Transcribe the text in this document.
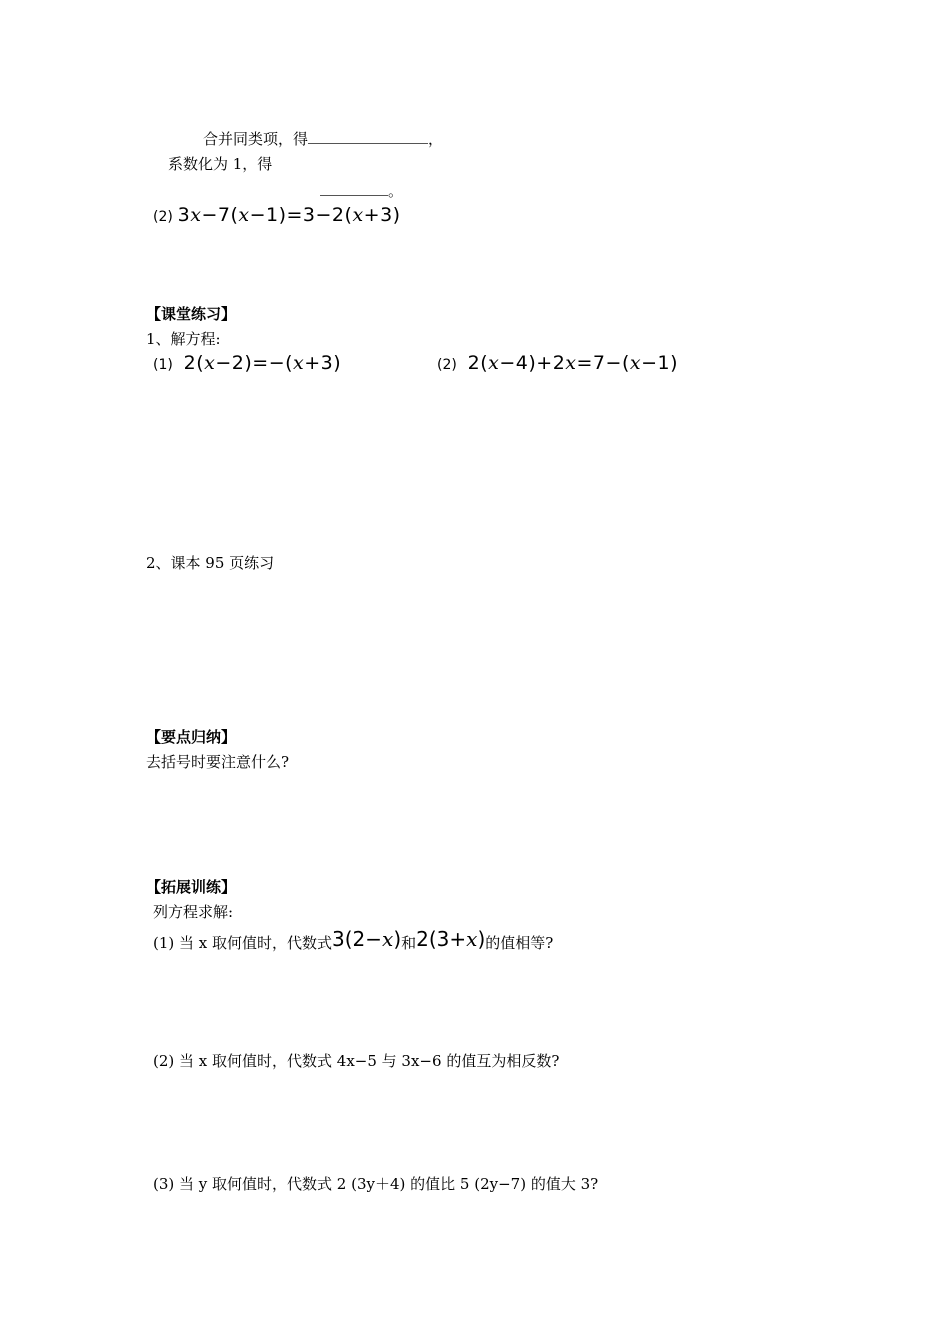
合并同类项，得	，
系数化为 1，得
。
(2) 3x−7(x−1)=3−2(x+3)
【课堂练习】
1、解方程:
(1) 2(x−2)=−(x+3)	(2) 2(x−4)+2x=7−(x−1)
2、课本 95 页练习
【要点归纳】
去括号时要注意什么?
【拓展训练】
列方程求解:
(1) 当 x 取何值时，代数式3(2−x)和2(3+x)的值相等?
(2) 当 x 取何值时，代数式 4x−5 与 3x−6 的值互为相反数?
(3) 当 y 取何值时，代数式 2 (3y＋4) 的值比 5 (2y−7) 的值大 3?
